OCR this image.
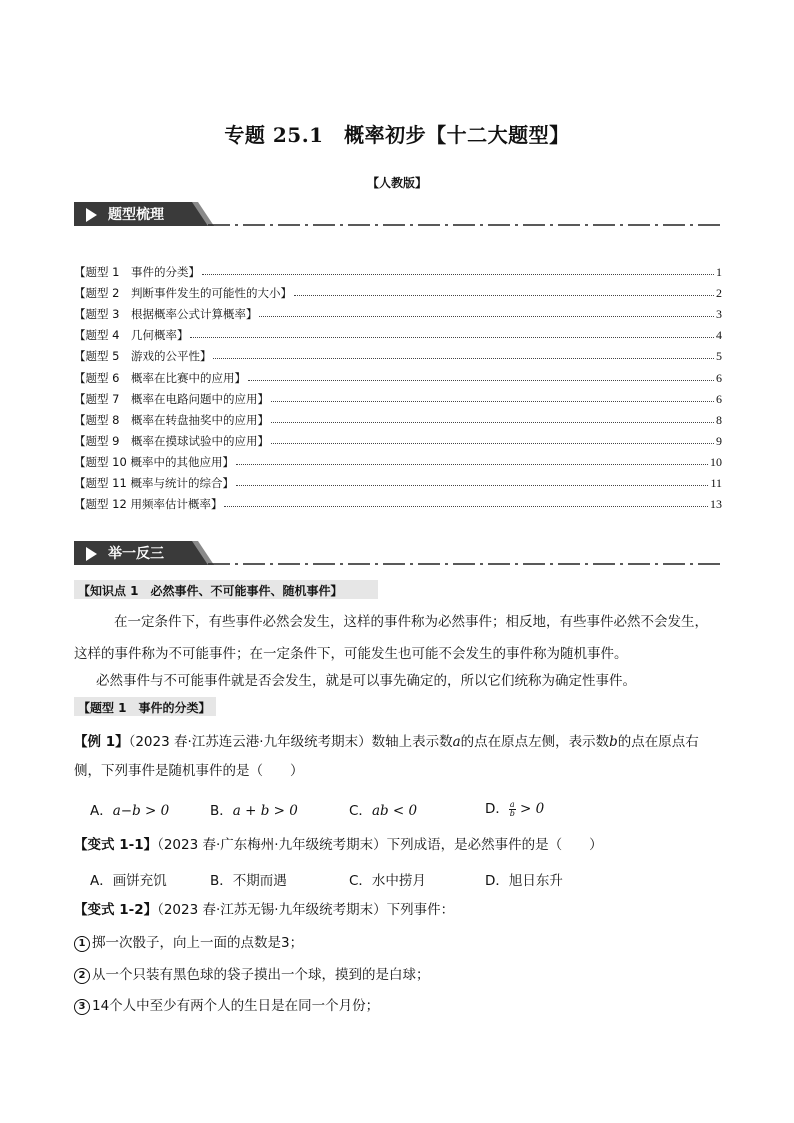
专题 25.1　概率初步【十二大题型】
【人教版】
题型梳理
【题型 1　事件的分类】	1
【题型 2　判断事件发生的可能性的大小】	2
【题型 3　根据概率公式计算概率】	3
【题型 4　几何概率】	4
【题型 5　游戏的公平性】	5
【题型 6　概率在比赛中的应用】	6
【题型 7　概率在电路问题中的应用】	6
【题型 8　概率在转盘抽奖中的应用】	8
【题型 9　概率在摸球试验中的应用】	9
【题型 10 概率中的其他应用】	10
【题型 11 概率与统计的综合】	11
【题型 12 用频率估计概率】	13
举一反三
【知识点 1　必然事件、不可能事件、随机事件】
在一定条件下，有些事件必然会发生，这样的事件称为必然事件；相反地，有些事件必然不会发生，
这样的事件称为不可能事件；在一定条件下，可能发生也可能不会发生的事件称为随机事件。
必然事件与不可能事件就是否会发生，就是可以事先确定的，所以它们统称为确定性事件。
【题型 1　事件的分类】
【例 1】（2023 春·江苏连云港·九年级统考期末）数轴上表示数a的点在原点左侧，表示数b的点在原点右
侧，下列事件是随机事件的是（　　）
A．a−b > 0	B．a + b > 0	C．ab < 0	D． $\frac{a}{b} > 0$
【变式 1-1】（2023 春·广东梅州·九年级统考期末）下列成语，是必然事件的是（　　）
A．画饼充饥	B．不期而遇	C．水中捞月	D．旭日东升
【变式 1-2】（2023 春·江苏无锡·九年级统考期末）下列事件：
1 掷一次骰子，向上一面的点数是3；
2 从一个只装有黑色球的袋子摸出一个球，摸到的是白球；
3 14个人中至少有两个人的生日是在同一个月份；
